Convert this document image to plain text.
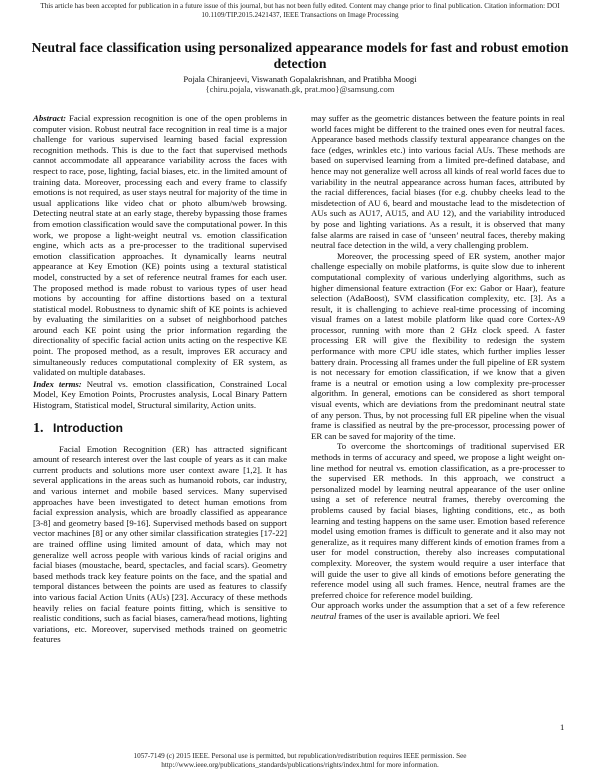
This article has been accepted for publication in a future issue of this journal, but has not been fully edited. Content may change prior to final publication. Citation information: DOI 10.1109/TIP.2015.2421437, IEEE Transactions on Image Processing
Neutral face classification using personalized appearance models for fast and robust emotion detection
Pojala Chiranjeevi, Viswanath Gopalakrishnan, and Pratibha Moogi
{chiru.pojala, viswanath.gk, prat.moo}@samsung.com

Abstract: Facial expression recognition is one of the open problems in computer vision. Robust neutral face recognition in real time is a major challenge for various supervised learning based facial expression recognition methods. This is due to the fact that supervised methods cannot accommodate all appearance variability across the faces with respect to race, pose, lighting, facial biases, etc. in the limited amount of training data. Moreover, processing each and every frame to classify emotions is not required, as user stays neutral for majority of the time in usual applications like video chat or photo album/web browsing. Detecting neutral state at an early stage, thereby bypassing those frames from emotion classification would save the computational power. In this work, we propose a light-weight neutral vs. emotion classification engine, which acts as a pre-processer to the traditional supervised emotion classification approaches. It dynamically learns neutral appearance at Key Emotion (KE) points using a textural statistical model, constructed by a set of reference neutral frames for each user. The proposed method is made robust to various types of user head motions by accounting for affine distortions based on a textural statistical model. Robustness to dynamic shift of KE points is achieved by evaluating the similarities on a subset of neighborhood patches around each KE point using the prior information regarding the directionality of specific facial action units acting on the respective KE point. The proposed method, as a result, improves ER accuracy and simultaneously reduces computational complexity of ER system, as validated on multiple databases.

Index terms: Neutral vs. emotion classification, Constrained Local Model, Key Emotion Points, Procrustes analysis, Local Binary Pattern Histogram, Statistical model, Structural similarity, Action units.

1. Introduction

Facial Emotion Recognition (ER) has attracted significant amount of research interest over the last couple of years as it can make current products and solutions more user context aware [1,2]. It has several applications in the areas such as humanoid robots, car industry, and various internet and mobile based services. Many supervised approaches have been investigated to detect human emotions from facial expression analysis, which are broadly classified as appearance [3-8] and geometry based [9-16]. Supervised methods based on support vector machines [8] or any other similar classification strategies [17-22] are trained offline using limited amount of data, which may not generalize well across people with various kinds of racial origins and facial biases (moustache, beard, spectacles, and facial scars). Geometry based methods track key feature points on the face, and the spatial and temporal distances between the points are used as features to classify into various facial Action Units (AUs) [23]. Accuracy of these methods heavily relies on facial feature points fitting, which is sensitive to realistic conditions, such as facial biases, camera/head motions, lighting variations, etc. Moreover, supervised methods trained on geometric features

may suffer as the geometric distances between the feature points in real world faces might be different to the trained ones even for neutral faces. Appearance based methods classify textural appearance changes on the face (edges, wrinkles etc.) into various facial AUs. These methods are based on supervised learning from a limited pre-defined database, and hence may not generalize well across all kinds of real world faces due to variability in the neutral appearance across human faces, attributed by the racial differences, facial biases (for e.g. chubby cheeks lead to the misdetection of AU 6, beard and moustache lead to the misdetection of AUs such as AU17, AU15, and AU 12), and the variability introduced by pose and lighting variations. As a result, it is observed that many false alarms are raised in case of ‘unseen’ neutral faces, thereby making neutral face detection in the wild, a very challenging problem.

Moreover, the processing speed of ER system, another major challenge especially on mobile platforms, is quite slow due to inherent computational complexity of various underlying algorithms, such as higher dimensional feature extraction (For ex: Gabor or Haar), feature selection (AdaBoost), SVM classification complexity, etc. [3]. As a result, it is challenging to achieve real-time processing of incoming visual frames on a latest mobile platform like quad core Cortex-A9 processor, running with more than 2 GHz clock speed. A faster processing ER will give the flexibility to redesign the system performance with more CPU idle states, which further implies lesser battery drain. Processing all frames under the full pipeline of ER system is not necessary for emotion classification, if we know that a given frame is a neutral or emotion using a low complexity pre-processer algorithm. In general, emotions can be considered as short temporal visual events, which are deviations from the predominant neutral state of any person. Thus, by not processing full ER pipeline when the visual frame is classified as neutral by the pre-processor, processing power of ER can be saved for majority of the time.

To overcome the shortcomings of traditional supervised ER methods in terms of accuracy and speed, we propose a light weight on-line method for neutral vs. emotion classification, as a pre-processer to the supervised ER methods. In this approach, we construct a personalized model by learning neutral appearance of the user online using a set of reference neutral frames, thereby overcoming the problems caused by facial biases, lighting conditions, etc., as both learning and testing happens on the same user. Emotion based reference model using emotion frames is difficult to generate and it also may not generalize, as it requires many different kinds of emotion frames from a user for model construction, thereby also increases computational complexity. Moreover, the system would require a user interface that will guide the user to give all kinds of emotions before generating the reference model using all such frames. Hence, neutral frames are the preferred choice for reference model building.

Our approach works under the assumption that a set of a few reference neutral frames of the user is available apriori. We feel

1
1057-7149 (c) 2015 IEEE. Personal use is permitted, but republication/redistribution requires IEEE permission. See
http://www.ieee.org/publications_standards/publications/rights/index.html for more information.
